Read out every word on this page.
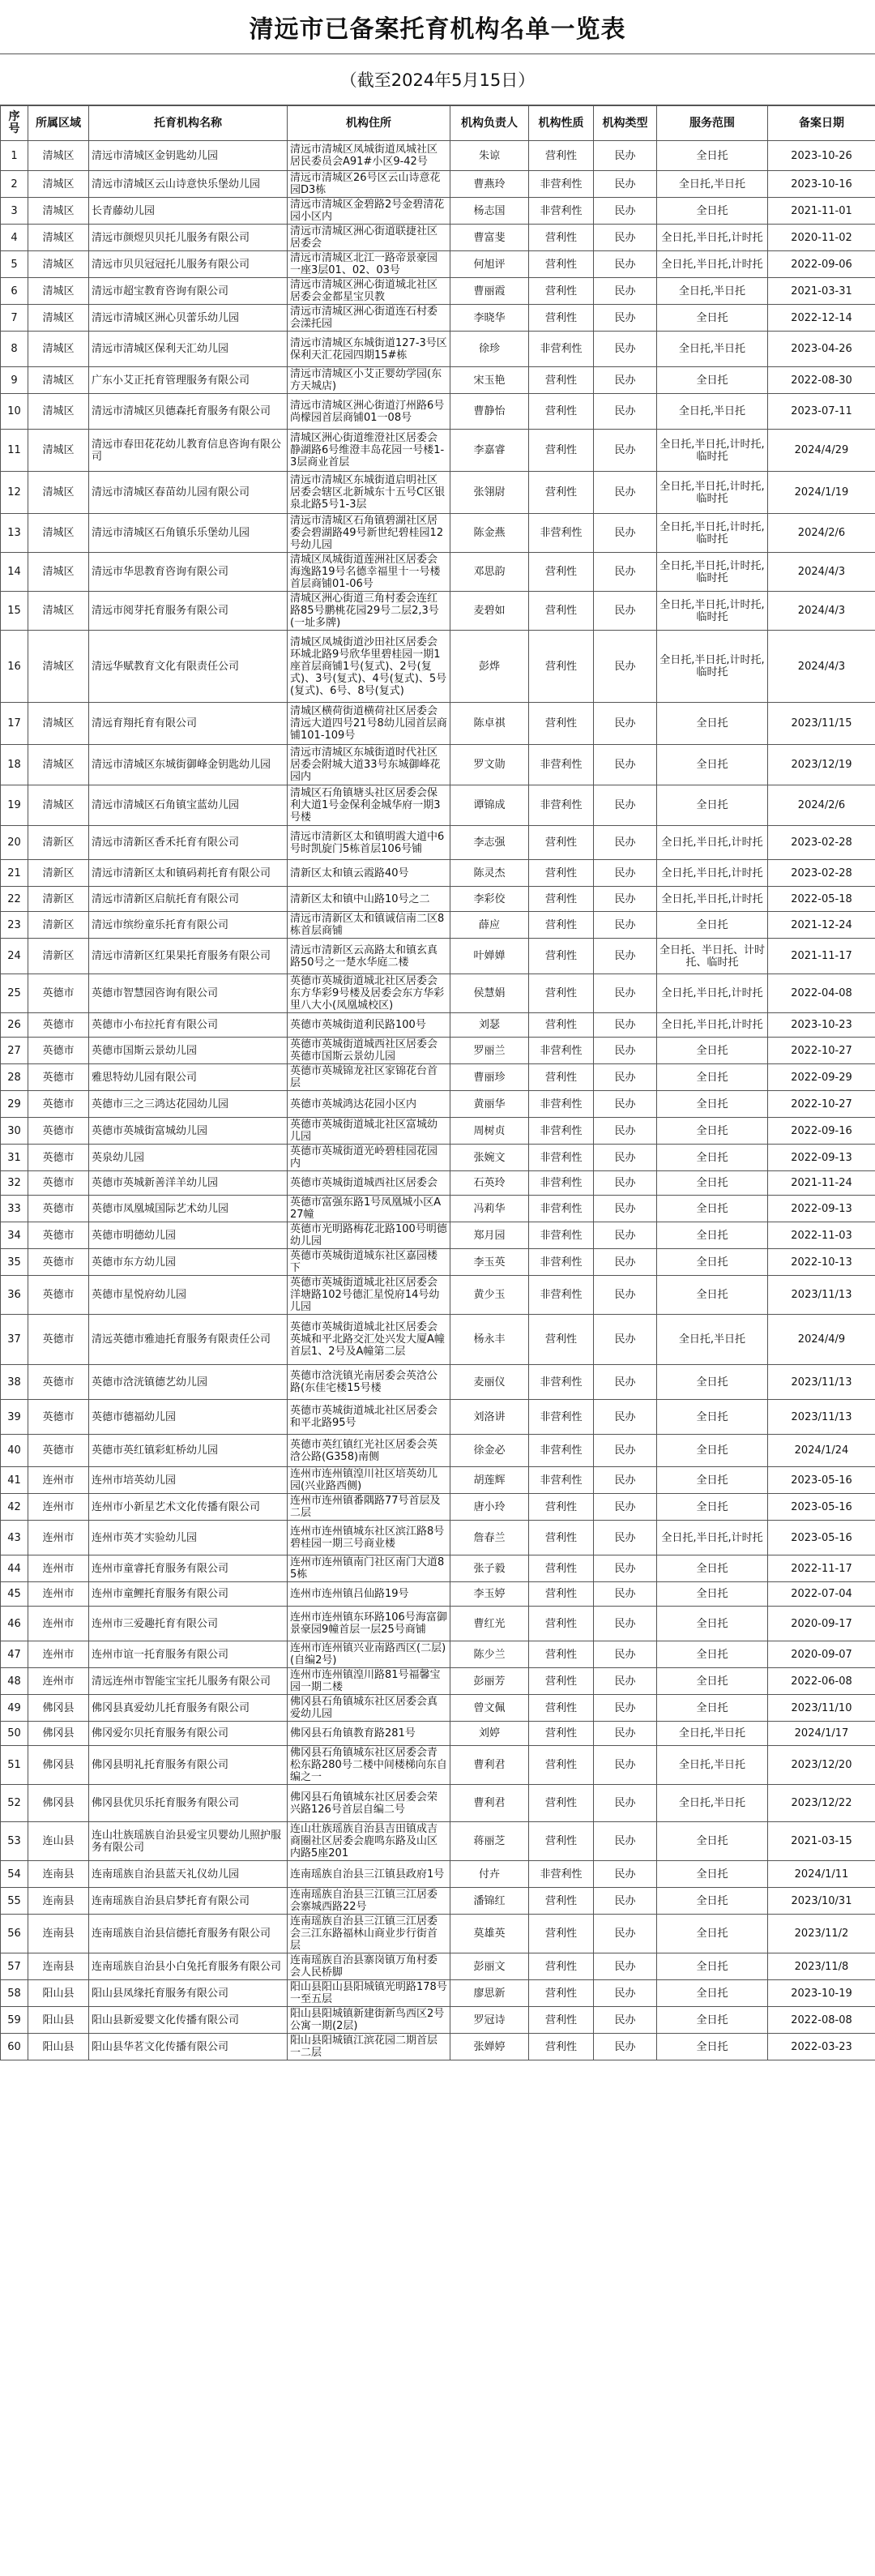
清远市已备案托育机构名单一览表
（截至2024年5月15日）
序号	所属区域	托育机构名称	机构住所	机构负责人	机构性质	机构类型	服务范围	备案日期
1	清城区	清远市清城区金钥匙幼儿园	清远市清城区凤城街道凤城社区居民委员会A91#小区9-42号	朱谅	营利性	民办	全日托	2023-10-26
2	清城区	清远市清城区云山诗意快乐堡幼儿园	清远市清城区26号区云山诗意花园D3栋	曹燕玲	非营利性	民办	全日托,半日托	2023-10-16
3	清城区	长青藤幼儿园	清远市清城区金碧路2号金碧清花园小区内	杨志国	非营利性	民办	全日托	2021-11-01
4	清城区	清远市颜煜贝贝托儿服务有限公司	清远市清城区洲心街道联捷社区居委会	曹富斐	营利性	民办	全日托,半日托,计时托	2020-11-02
5	清城区	清远市贝贝冠冠托儿服务有限公司	清远市清城区北江一路帝景豪园一座3层01、02、03号	何旭评	营利性	民办	全日托,半日托,计时托	2022-09-06
6	清城区	清远市超宝教育咨询有限公司	清远市清城区洲心街道城北社区居委会金都星宝贝教	曹丽霞	营利性	民办	全日托,半日托	2021-03-31
7	清城区	清远市清城区洲心贝蕾乐幼儿园	清远市清城区洲心街道连石村委会漾托园	李晓华	营利性	民办	全日托	2022-12-14
8	清城区	清远市清城区保利天汇幼儿园	清远市清城区东城街道127-3号区保利天汇花园四期15#栋	徐珍	非营利性	民办	全日托,半日托	2023-04-26
9	清城区	广东小艾正托育管理服务有限公司	清远市清城区小艾正婴幼学园(东方天城店)	宋玉艳	营利性	民办	全日托	2022-08-30
10	清城区	清远市清城区贝德森托育服务有限公司	清远市清城区洲心街道汀州路6号尚檬园首层商铺01一08号	曹静怡	营利性	民办	全日托,半日托	2023-07-11
11	清城区	清远市春田花花幼儿教育信息咨询有限公司	清城区洲心街道维澄社区居委会静湖路6号维澄丰岛花园一号楼1-3层商业首层	李嘉睿	营利性	民办	全日托,半日托,计时托,临时托	2024/4/29
12	清城区	清远市清城区春苗幼儿园有限公司	清远市清城区东城街道启明社区居委会辖区北新城东十五号C区银泉北路5号1-3层	张翎尉	营利性	民办	全日托,半日托,计时托,临时托	2024/1/19
13	清城区	清远市清城区石角镇乐乐堡幼儿园	清远市清城区石角镇碧湖社区居委会碧湖路49号新世纪碧桂园12号幼儿园	陈金燕	非营利性	民办	全日托,半日托,计时托,临时托	2024/2/6
14	清城区	清远市华思教育咨询有限公司	清城区凤城街道莲洲社区居委会海逸路19号名德幸福里十一号楼首层商铺01-06号	邓思韵	营利性	民办	全日托,半日托,计时托,临时托	2024/4/3
15	清城区	清远市阅芽托育服务有限公司	清城区洲心街道三角村委会连红路85号鹏桃花园29号二层2,3号(一址多牌)	麦碧如	营利性	民办	全日托,半日托,计时托,临时托	2024/4/3
16	清城区	清远华赋教育文化有限责任公司	清城区凤城街道沙田社区居委会环城北路9号欣华里碧桂园一期1座首层商铺1号(复式)、2号(复式)、3号(复式)、4号(复式)、5号(复式)、6号、8号(复式)	彭烨	营利性	民办	全日托,半日托,计时托,临时托	2024/4/3
17	清城区	清远育翔托育有限公司	清城区横荷街道横荷社区居委会清远大道四号21号8幼儿园首层商铺101-109号	陈卓祺	营利性	民办	全日托	2023/11/15
18	清城区	清远市清城区东城街御峰金钥匙幼儿园	清远市清城区东城街道时代社区居委会附城大道33号东城御峰花园内	罗文勋	非营利性	民办	全日托	2023/12/19
19	清城区	清远市清城区石角镇宝蓝幼儿园	清城区石角镇塘头社区居委会保利大道1号金保利金城华府一期3号楼	谭锦成	非营利性	民办	全日托	2024/2/6
20	清新区	清远市清新区香禾托育有限公司	清远市清新区太和镇明霞大道中6号时凯旋门5栋首层106号铺	李志强	营利性	民办	全日托,半日托,计时托	2023-02-28
21	清新区	清远市清新区太和镇码莉托育有限公司	清新区太和镇云霞路40号	陈灵杰	营利性	民办	全日托,半日托,计时托	2023-02-28
22	清新区	清远市清新区启航托育有限公司	清新区太和镇中山路10号之二	李彩佼	营利性	民办	全日托,半日托,计时托	2022-05-18
23	清新区	清远市缤纷童乐托育有限公司	清远市清新区太和镇诚信南二区8栋首层商铺	薛应	营利性	民办	全日托	2021-12-24
24	清新区	清远市清新区红果果托育服务有限公司	清远市清新区云高路太和镇玄真路50号之一楚水华庭二楼	叶婵婵	营利性	民办	全日托、半日托、计时托、临时托	2021-11-17
25	英德市	英德市智慧园咨询有限公司	英德市英城街道城北社区居委会东方华彩9号楼及居委会东方华彩里八大小(凤凰城校区)	侯慧娟	营利性	民办	全日托,半日托,计时托	2022-04-08
26	英德市	英德市小布拉托育有限公司	英德市英城街道利民路100号	刘瑟	营利性	民办	全日托,半日托,计时托	2023-10-23
27	英德市	英德市国斯云景幼儿园	英德市英城街道城西社区居委会英德市国斯云景幼儿园	罗丽兰	非营利性	民办	全日托	2022-10-27
28	英德市	雅思特幼儿园有限公司	英德市英城锦龙社区家锦花台首层	曹丽珍	营利性	民办	全日托	2022-09-29
29	英德市	英德市三之三鸿达花园幼儿园	英德市英城鸿达花园小区内	黄丽华	非营利性	民办	全日托	2022-10-27
30	英德市	英德市英城街富城幼儿园	英德市英城街道城北社区富城幼儿园	周树贞	非营利性	民办	全日托	2022-09-16
31	英德市	英泉幼儿园	英德市英城街道光岭碧桂园花园内	张婉文	非营利性	民办	全日托	2022-09-13
32	英德市	英德市英城新善洋羊幼儿园	英德市英城街道城西社区居委会	石英玲	非营利性	民办	全日托	2021-11-24
33	英德市	英德市凤凰城国际艺术幼儿园	英德市富强东路1号凤凰城小区A27幢	冯莉华	非营利性	民办	全日托	2022-09-13
34	英德市	英德市明德幼儿园	英德市光明路梅花北路100号明德幼儿园	郑月园	非营利性	民办	全日托	2022-11-03
35	英德市	英德市东方幼儿园	英德市英城街道城东社区嘉园楼下	李玉英	非营利性	民办	全日托	2022-10-13
36	英德市	英德市星悦府幼儿园	英德市英城街道城北社区居委会洋塘路102号德汇星悦府14号幼儿园	黄少玉	非营利性	民办	全日托	2023/11/13
37	英德市	清远英德市雅迪托育服务有限责任公司	英德市英城街道城北社区居委会英城和平北路交汇处兴发大厦A幢首层1、2号及A幢第二层	杨永丰	营利性	民办	全日托,半日托	2024/4/9
38	英德市	英德市浛洸镇德艺幼儿园	英德市浛洸镇光南居委会英浛公路(东佳宅楼15号楼	麦丽仪	非营利性	民办	全日托	2023/11/13
39	英德市	英德市德福幼儿园	英德市英城街道城北社区居委会和平北路95号	刘洛讲	非营利性	民办	全日托	2023/11/13
40	英德市	英德市英红镇彩虹桥幼儿园	英德市英红镇红光社区居委会英浛公路(G358)南侧	徐金必	非营利性	民办	全日托	2024/1/24
41	连州市	连州市培英幼儿园	连州市连州镇湟川社区培英幼儿园(兴业路西侧)	胡莲辉	非营利性	民办	全日托	2023-05-16
42	连州市	连州市小新星艺术文化传播有限公司	连州市连州镇番隅路77号首层及二层	唐小玲	营利性	民办	全日托	2023-05-16
43	连州市	连州市英才实验幼儿园	连州市连州镇城东社区滨江路8号碧桂园一期三号商业楼	詹春兰	营利性	民办	全日托,半日托,计时托	2023-05-16
44	连州市	连州市童睿托育服务有限公司	连州市连州镇南门社区南门大道85栋	张子毅	营利性	民办	全日托	2022-11-17
45	连州市	连州市童鲤托育服务有限公司	连州市连州镇吕仙路19号	李玉婷	营利性	民办	全日托	2022-07-04
46	连州市	连州市三爱趣托育有限公司	连州市连州镇东环路106号海富御景豪园9幢首层一层25号商铺	曹红光	营利性	民办	全日托	2020-09-17
47	连州市	连州市谊一托育服务有限公司	连州市连州镇兴业南路西区(二层)(自编2号)	陈少兰	营利性	民办	全日托	2020-09-07
48	连州市	清远连州市智能宝宝托儿服务有限公司	连州市连州镇湟川路81号福馨宝园一期二楼	彭丽芳	营利性	民办	全日托	2022-06-08
49	佛冈县	佛冈县真爱幼儿托育服务有限公司	佛冈县石角镇城东社区居委会真爱幼儿园	曾文佩	营利性	民办	全日托	2023/11/10
50	佛冈县	佛冈爱尔贝托育服务有限公司	佛冈县石角镇教育路281号	刘婷	营利性	民办	全日托,半日托	2024/1/17
51	佛冈县	佛冈县明礼托育服务有限公司	佛冈县石角镇城东社区居委会青松东路280号二楼中间楼梯向东自编之一	曹利君	营利性	民办	全日托,半日托	2023/12/20
52	佛冈县	佛冈县优贝乐托育服务有限公司	佛冈县石角镇城东社区居委会荣兴路126号首层自编二号	曹利君	营利性	民办	全日托,半日托	2023/12/22
53	连山县	连山壮族瑶族自治县爱宝贝婴幼儿照护服务有限公司	连山壮族瑶族自治县吉田镇成吉商圈社区居委会鹿鸣东路及山区内路5座201	蒋丽芝	营利性	民办	全日托	2021-03-15
54	连南县	连南瑶族自治县蓝天礼仪幼儿园	连南瑶族自治县三江镇县政府1号	付卉	非营利性	民办	全日托	2024/1/11
55	连南县	连南瑶族自治县启梦托育有限公司	连南瑶族自治县三江镇三江居委会寨城西路22号	潘锦红	营利性	民办	全日托	2023/10/31
56	连南县	连南瑶族自治县信德托育服务有限公司	连南瑶族自治县三江镇三江居委会三江东路福林山商业步行街首层	莫雄英	营利性	民办	全日托	2023/11/2
57	连南县	连南瑶族自治县小白兔托育服务有限公司	连南瑶族自治县寨岗镇万角村委会人民桥脚	彭丽文	营利性	民办	全日托	2023/11/8
58	阳山县	阳山县凤缘托育服务有限公司	阳山县阳山县阳城镇光明路178号一至五层	廖思新	营利性	民办	全日托	2023-10-19
59	阳山县	阳山县新爱婴文化传播有限公司	阳山县阳城镇新建街新鸟西区2号公寓一期(2层)	罗冠诗	营利性	民办	全日托	2022-08-08
60	阳山县	阳山县华茗文化传播有限公司	阳山县阳城镇江滨花园二期首层一二层	张婵婷	营利性	民办	全日托	2022-03-23
